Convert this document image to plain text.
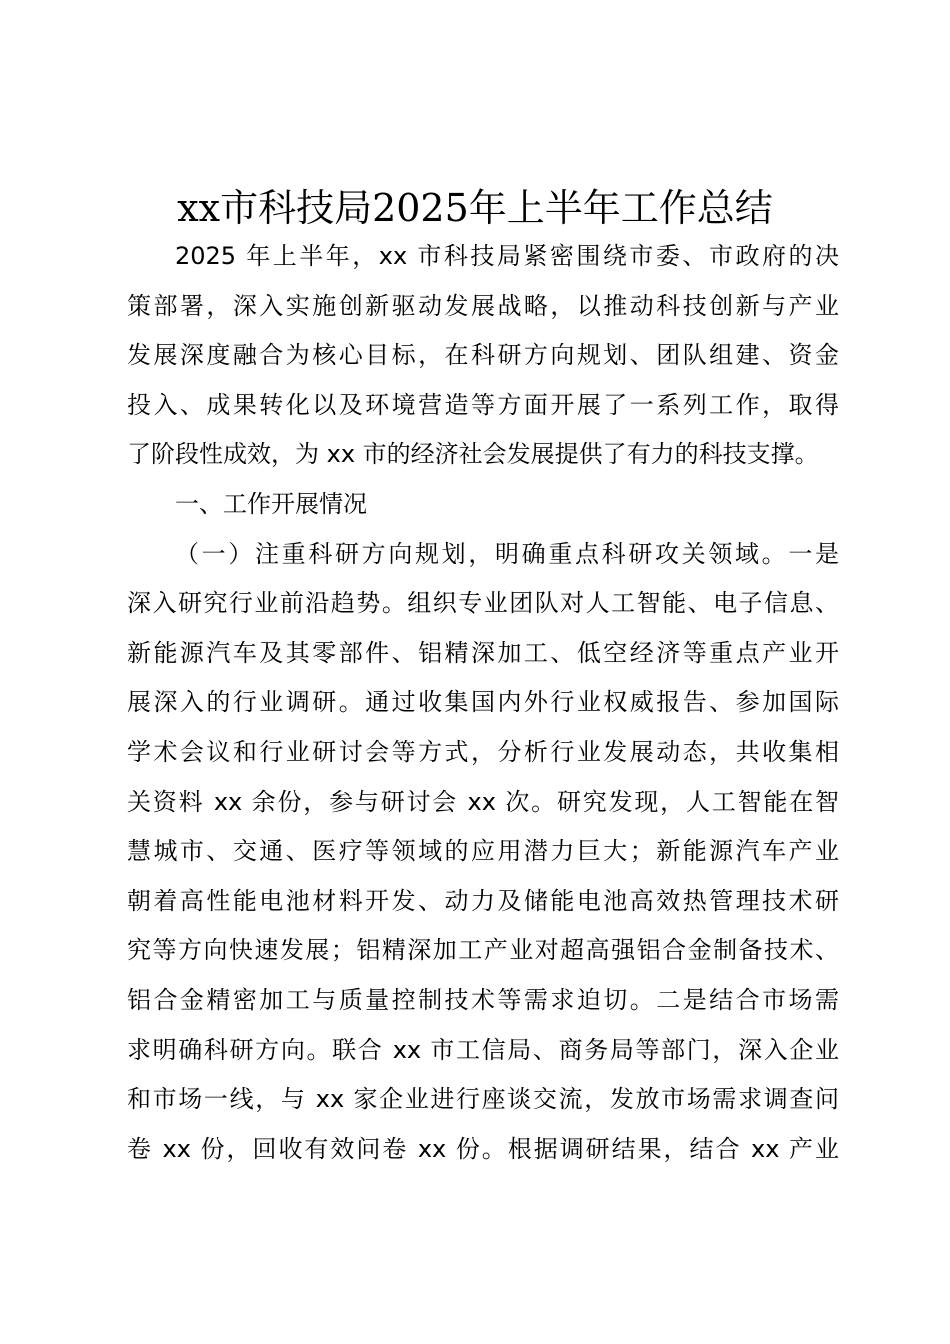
xx市科技局2025年上半年工作总结
2025 年上半年，xx 市科技局紧密围绕市委、市政府的决
策部署，深入实施创新驱动发展战略，以推动科技创新与产业
发展深度融合为核心目标，在科研方向规划、团队组建、资金
投入、成果转化以及环境营造等方面开展了一系列工作，取得
了阶段性成效，为 xx 市的经济社会发展提供了有力的科技支撑。
一、工作开展情况
（一）注重科研方向规划，明确重点科研攻关领域。一是
深入研究行业前沿趋势。组织专业团队对人工智能、电子信息、
新能源汽车及其零部件、铝精深加工、低空经济等重点产业开
展深入的行业调研。通过收集国内外行业权威报告、参加国际
学术会议和行业研讨会等方式，分析行业发展动态，共收集相
关资料 xx 余份，参与研讨会 xx 次。研究发现，人工智能在智
慧城市、交通、医疗等领域的应用潜力巨大；新能源汽车产业
朝着高性能电池材料开发、动力及储能电池高效热管理技术研
究等方向快速发展；铝精深加工产业对超高强铝合金制备技术、
铝合金精密加工与质量控制技术等需求迫切。二是结合市场需
求明确科研方向。联合 xx 市工信局、商务局等部门，深入企业
和市场一线，与 xx 家企业进行座谈交流，发放市场需求调查问
卷 xx 份，回收有效问卷 xx 份。根据调研结果，结合 xx 产业
